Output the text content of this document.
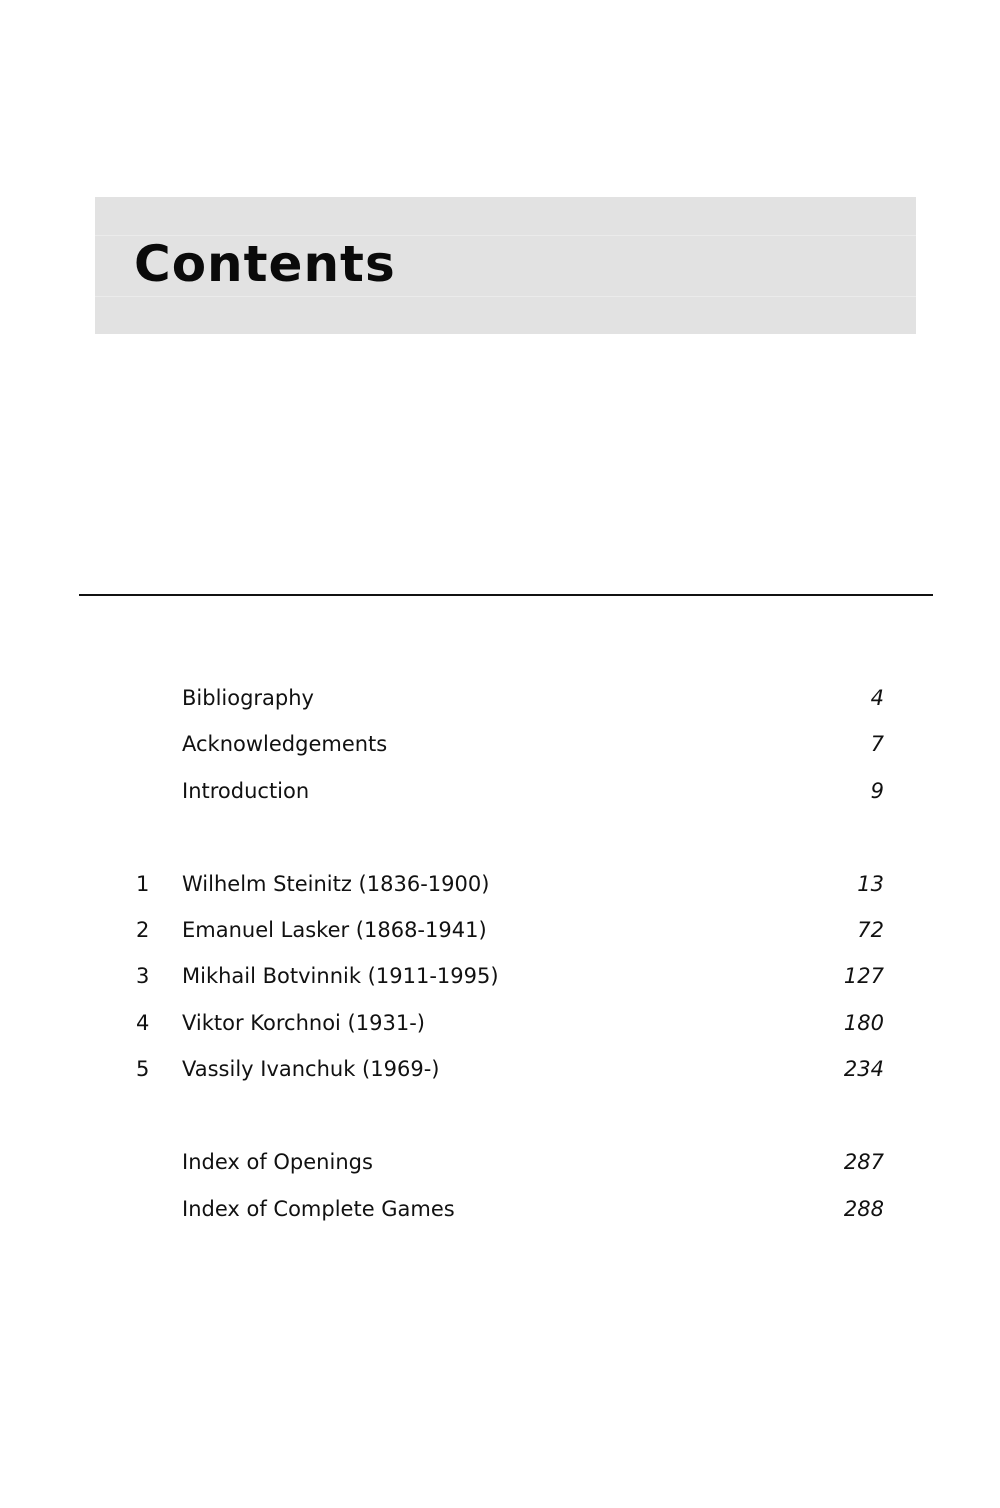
Contents
Bibliography	4
Acknowledgements	7
Introduction	9
1 Wilhelm Steinitz (1836-1900)	13
2 Emanuel Lasker (1868-1941)	72
3 Mikhail Botvinnik (1911-1995)	127
4 Viktor Korchnoi (1931-)	180
5 Vassily Ivanchuk (1969-)	234
Index of Openings	287
Index of Complete Games	288
